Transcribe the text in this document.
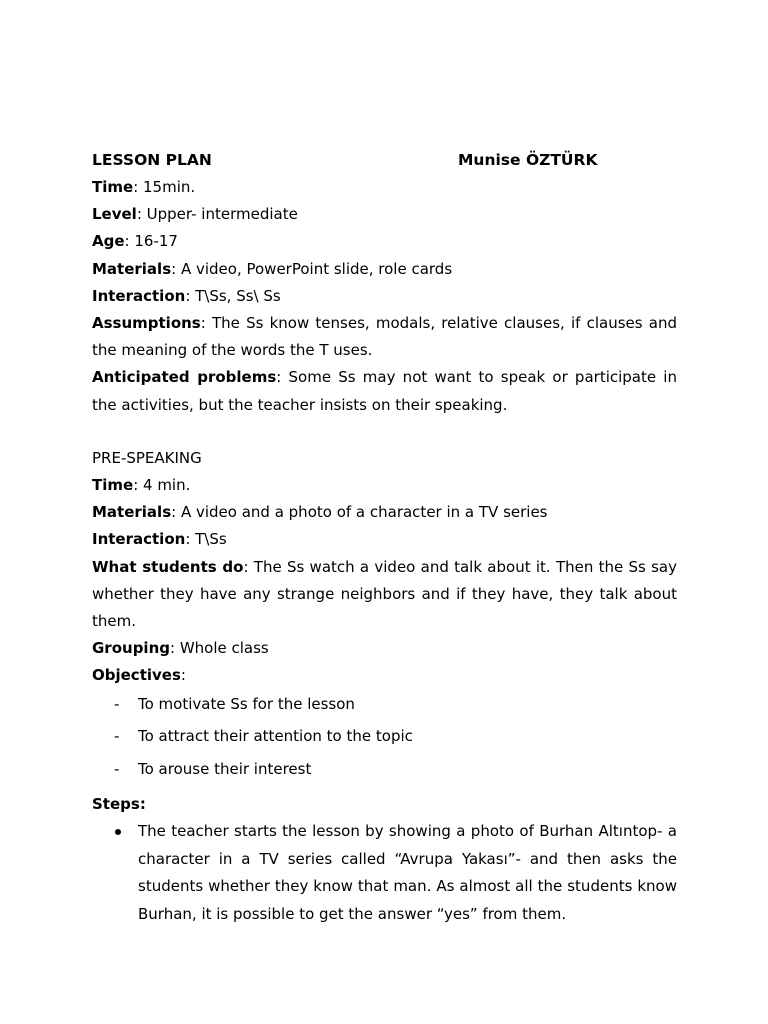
LESSON PLAN	Munise ÖZTÜRK

Time: 15min.

Level: Upper- intermediate

Age: 16-17

Materials: A video, PowerPoint slide, role cards

Interaction: T\Ss, Ss\ Ss

Assumptions: The Ss know tenses, modals, relative clauses, if clauses and the meaning of the words the T uses.

Anticipated problems: Some Ss may not want to speak or participate in the activities, but the teacher insists on their speaking.

PRE-SPEAKING

Time: 4 min.

Materials: A video and a photo of a character in a TV series

Interaction: T\Ss

What students do: The Ss watch a video and talk about it. Then the Ss say whether they have any strange neighbors and if they have, they talk about them.

Grouping: Whole class

Objectives:

- To motivate Ss for the lesson
- To attract their attention to the topic
- To arouse their interest

Steps:

The teacher starts the lesson by showing a photo of Burhan Altıntop- a character in a TV series called “Avrupa Yakası”- and then asks the students whether they know that man. As almost all the students know Burhan, it is possible to get the answer “yes” from them.
